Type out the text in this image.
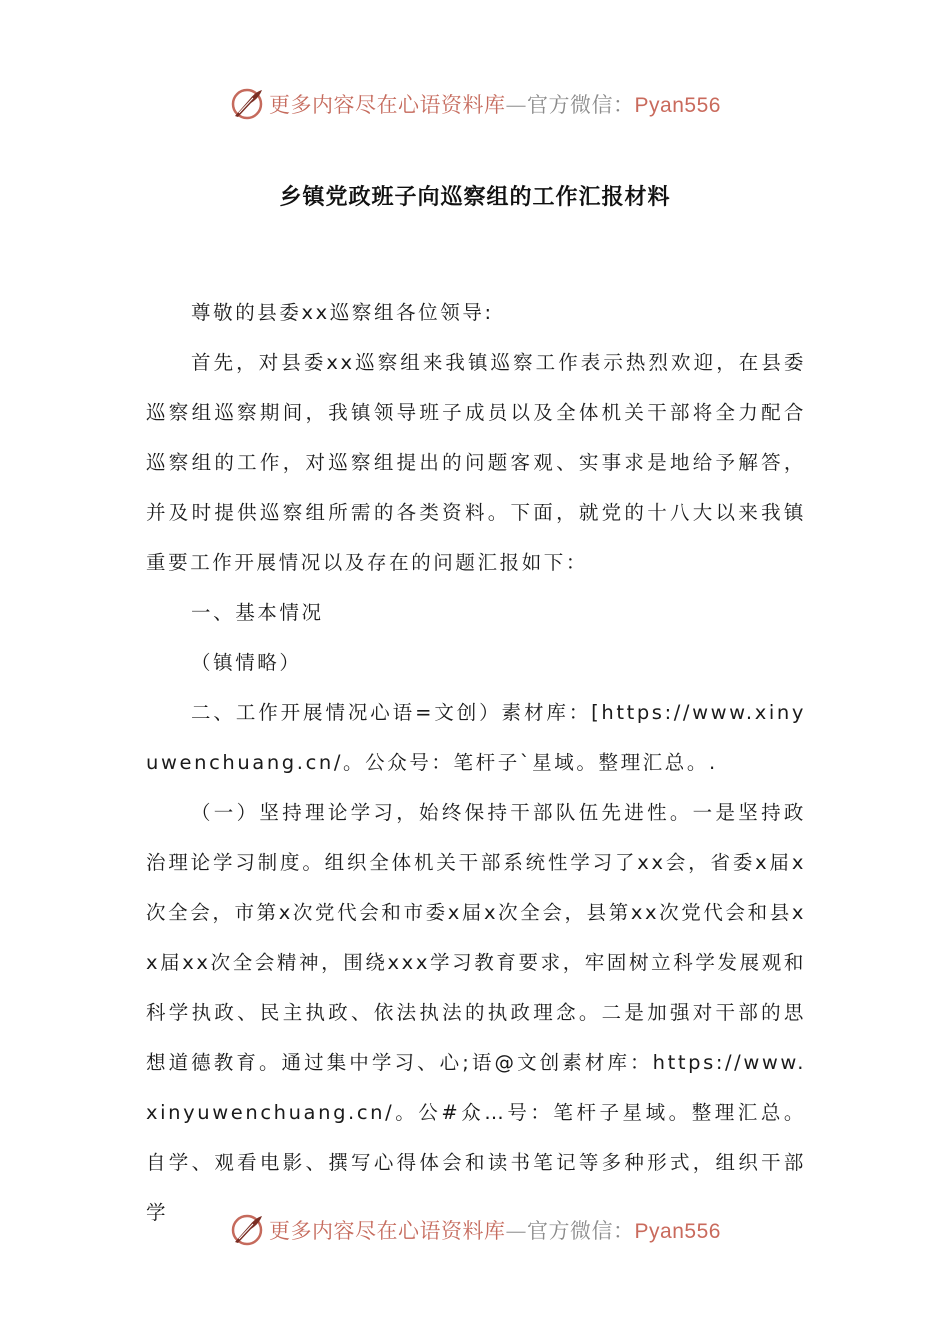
更多内容尽在心语资料库—官方微信：Pyan556
乡镇党政班子向巡察组的工作汇报材料

尊敬的县委xx巡察组各位领导:

首先，对县委xx巡察组来我镇巡察工作表示热烈欢迎，在县委巡察组巡察期间，我镇领导班子成员以及全体机关干部将全力配合巡察组的工作，对巡察组提出的问题客观、实事求是地给予解答，并及时提供巡察组所需的各类资料。下面，就党的十八大以来我镇重要工作开展情况以及存在的问题汇报如下：

一、基本情况

（镇情略）

二、工作开展情况心语=文创）素材库：[https://www.xinyuwenchuang.cn/。公众号：笔杆子`星域。整理汇总。.

（一）坚持理论学习，始终保持干部队伍先进性。一是坚持政治理论学习制度。组织全体机关干部系统性学习了xx会，省委x届x次全会，市第x次党代会和市委x届x次全会，县第xx次党代会和县xx届xx次全会精神，围绕xxx学习教育要求，牢固树立科学发展观和科学执政、民主执政、依法执法的执政理念。二是加强对干部的思想道德教育。通过集中学习、心;语@文创素材库：https://www.xinyuwenchuang.cn/。公#众…号：笔杆子星域。整理汇总。自学、观看电影、撰写心得体会和读书笔记等多种形式，组织干部学

更多内容尽在心语资料库—官方微信：Pyan556
